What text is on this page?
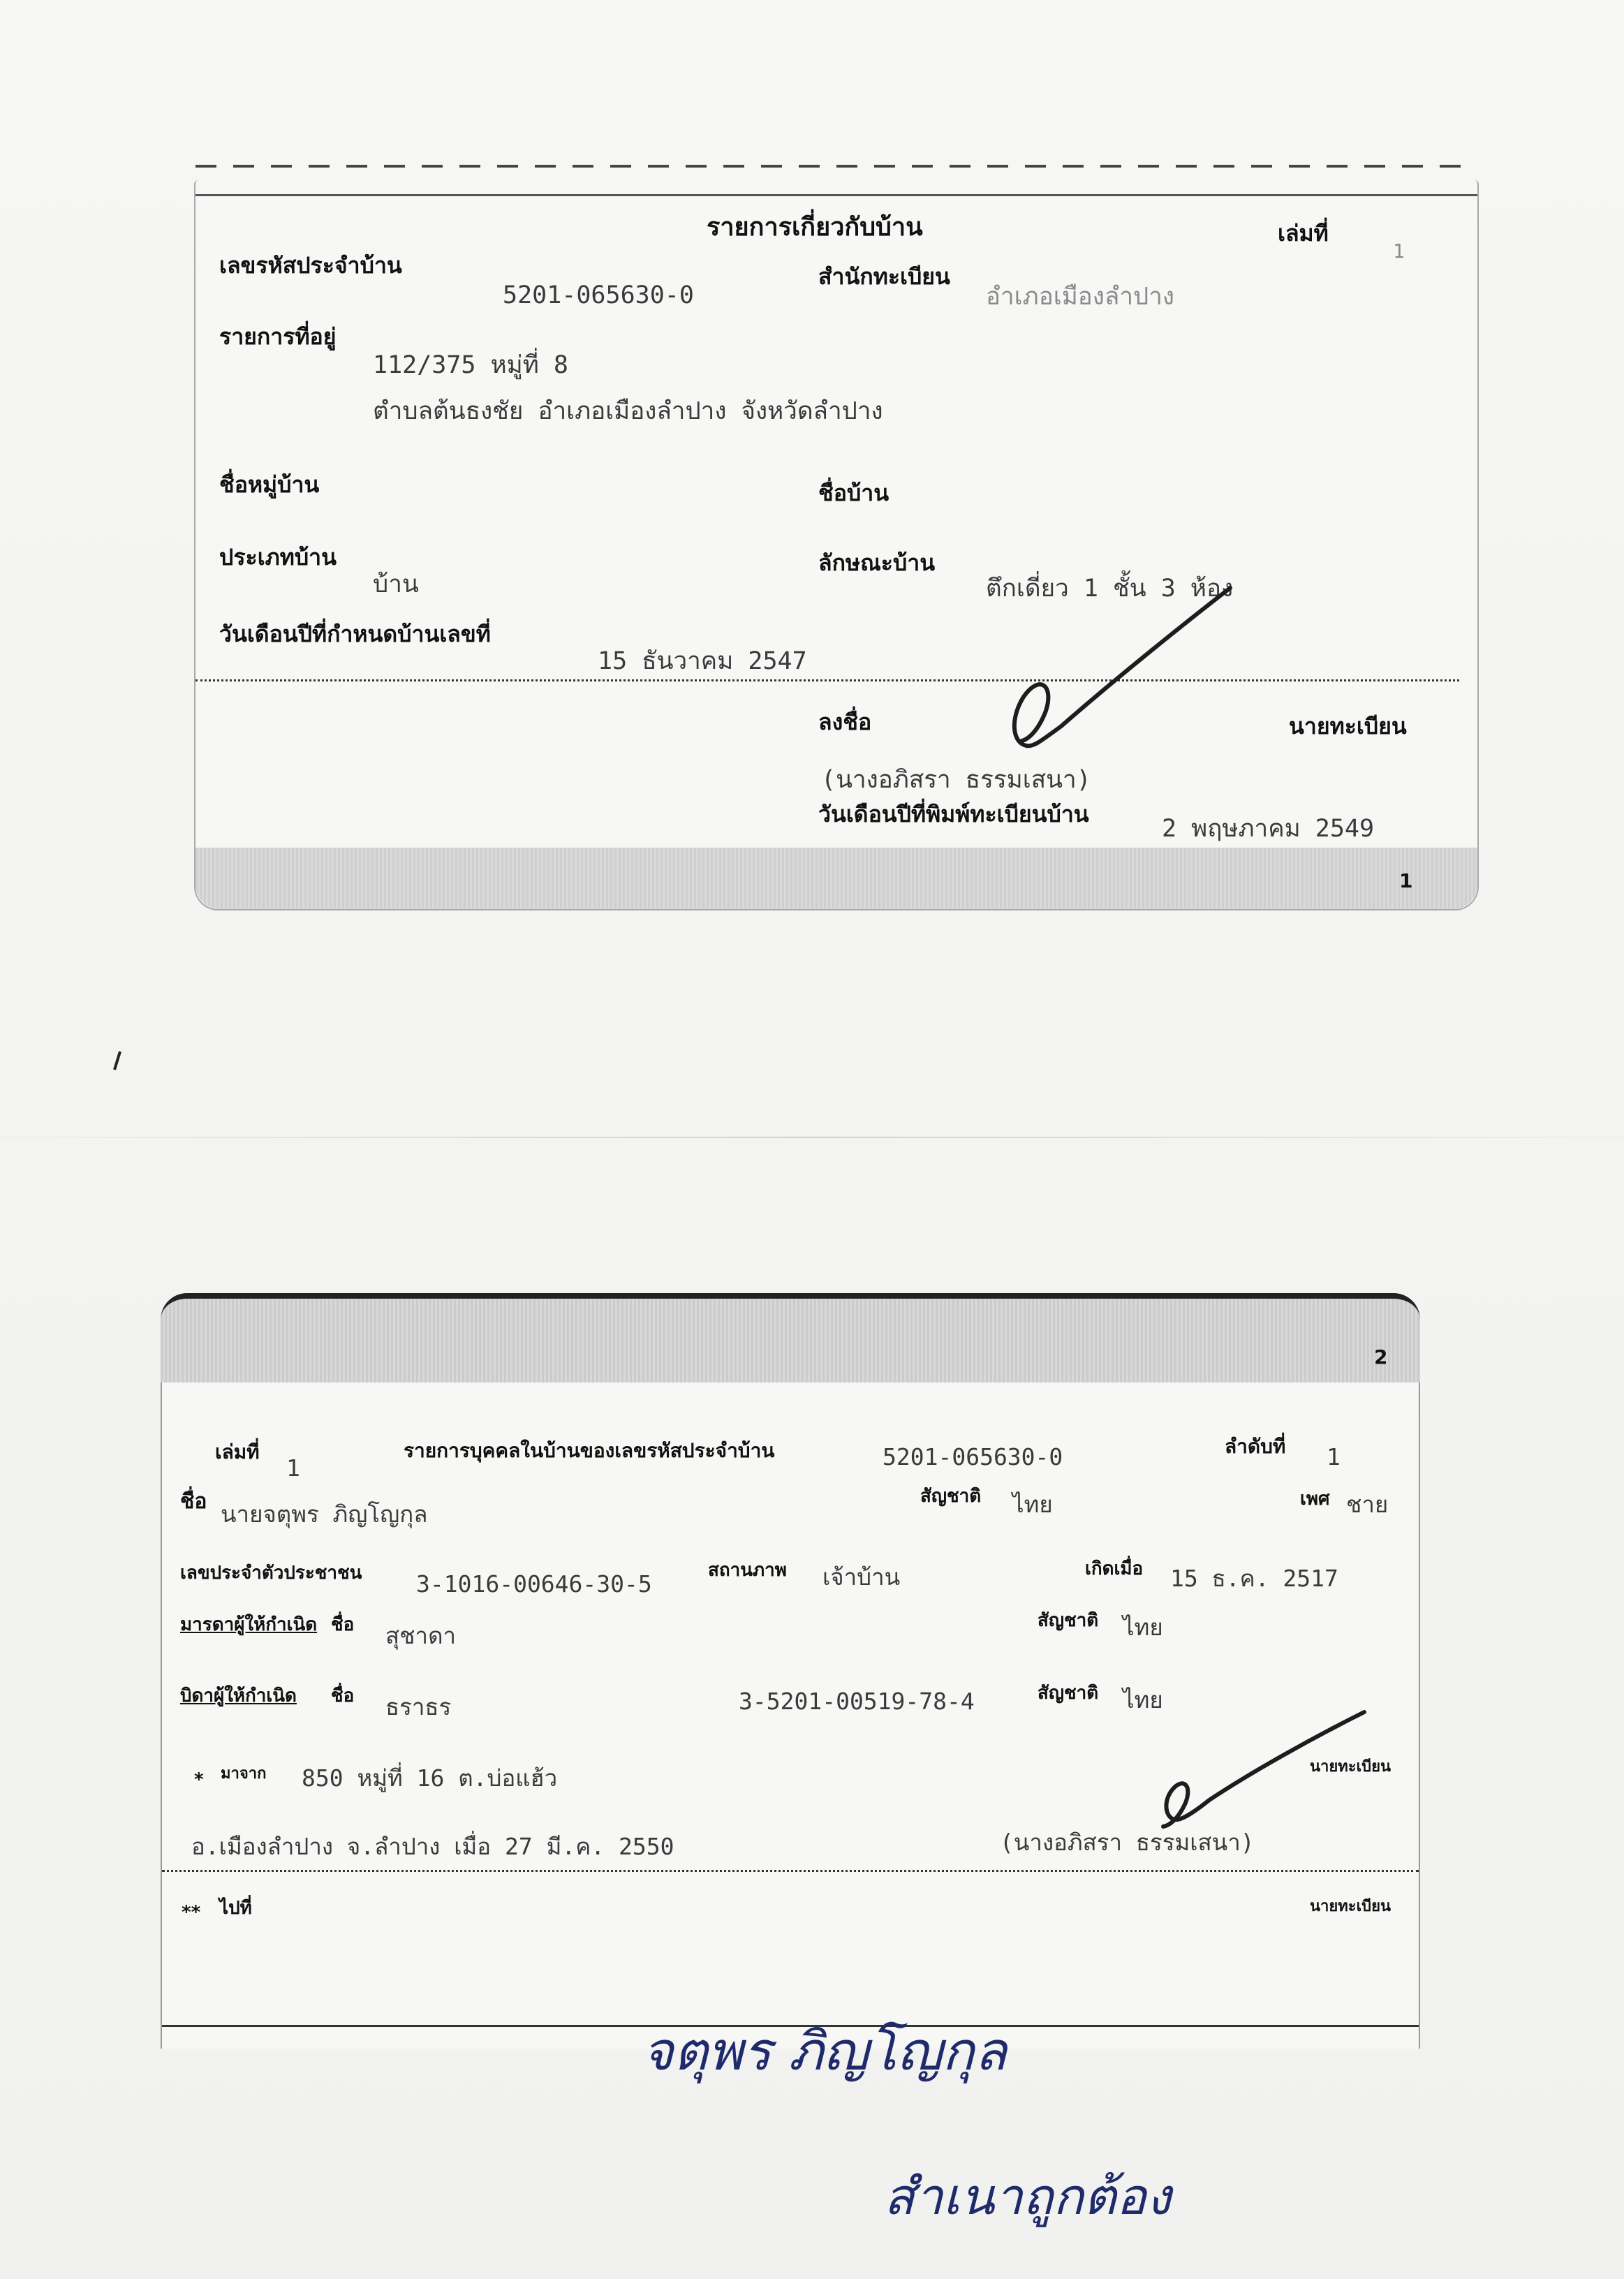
รายการเกี่ยวกับบ้าน	เล่มที่
1
เลขรหัสประจำบ้าน
5201-065630-0
สำนักทะเบียน
อำเภอเมืองลำปาง
รายการที่อยู่
112/375 หมู่ที่ 8
ตำบลต้นธงชัย อำเภอเมืองลำปาง จังหวัดลำปาง
ชื่อหมู่บ้าน	ชื่อบ้าน
ประเภทบ้าน
บ้าน
ลักษณะบ้าน
ตึกเดี่ยว 1 ชั้น 3 ห้อง
วันเดือนปีที่กำหนดบ้านเลขที่
15 ธันวาคม 2547
ลงชื่อ	นายทะเบียน
(นางอภิสรา ธรรมเสนา)
วันเดือนปีที่พิมพ์ทะเบียนบ้าน
2 พฤษภาคม 2549
1
2
เล่มที่
1
รายการบุคคลในบ้านของเลขรหัสประจำบ้าน	5201-065630-0	ลำดับที่ 1
ชื่อ นายจตุพร ภิญโญกุล
สัญชาติ ไทย	เพศ ชาย
เลขประจำตัวประชาชน 3-1016-00646-30-5	สถานภาพ เจ้าบ้าน	เกิดเมื่อ 15 ธ.ค. 2517
มารดาผู้ให้กำเนิด ชื่อ สุชาดา
สัญชาติ ไทย
บิดาผู้ให้กำเนิด ชื่อ ธราธร	3-5201-00519-78-4	สัญชาติ ไทย
* มาจาก 850 หมู่ที่ 16 ต.บ่อแฮ้ว	นายทะเบียน
อ.เมืองลำปาง จ.ลำปาง เมื่อ 27 มี.ค. 2550	(นางอภิสรา ธรรมเสนา)
** ไปที่	นายทะเบียน
จตุพร ภิญโญกุล
สำเนาถูกต้อง
